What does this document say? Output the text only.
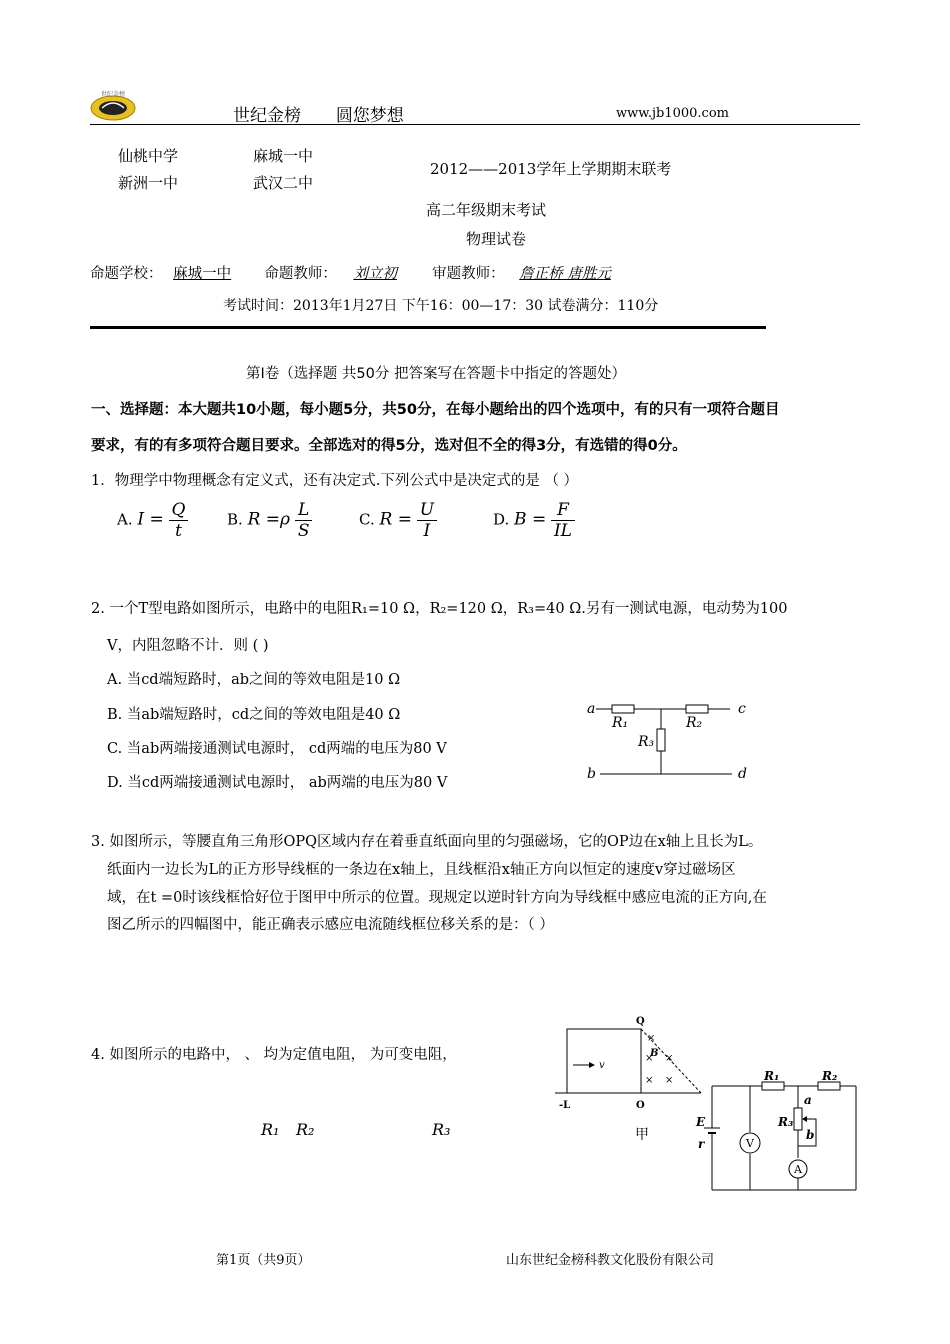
世纪金榜
世纪金榜 圆您梦想	www.jb1000.com
仙桃中学	麻城一中
新洲一中	武汉二中
2012——2013学年上学期期末联考
高二年级期末考试
物理试卷
命题学校： 麻城一中 命题教师： 刘立初 审题教师： 詹正桥 唐胜元
考试时间：2013年1月27日 下午16：00—17：30 试卷满分：110分
第Ⅰ卷（选择题 共50分 把答案写在答题卡中指定的答题处）
一、选择题：本大题共10小题，每小题5分，共50分，在每小题给出的四个选项中，有的只有一项符合题目
要求，有的有多项符合题目要求。全部选对的得5分，选对但不全的得3分，有选错的得0分。
1．物理学中物理概念有定义式，还有决定式.下列公式中是决定式的是 （ ）
A. $I = \frac{Q}{t}$	B. $R =\rho \frac{L}{S}$	C. $R = \frac{U}{I}$	D. $B = \frac{F}{IL}$
2. 一个T型电路如图所示，电路中的电阻R₁=10 Ω，R₂=120 Ω，R₃=40 Ω.另有一测试电源，电动势为100
V，内阻忽略不计．则 ( )
A. 当cd端短路时，ab之间的等效电阻是10 Ω
B. 当ab端短路时，cd之间的等效电阻是40 Ω
C. 当ab两端接通测试电源时， cd两端的电压为80 V
D. 当cd两端接通测试电源时， ab两端的电压为80 V
a	c
b	d
R₁	R₂
R₃
3. 如图所示，等腰直角三角形OPQ区域内存在着垂直纸面向里的匀强磁场，它的OP边在x轴上且长为L。
纸面内一边长为L的正方形导线框的一条边在x轴上，且线框沿x轴正方向以恒定的速度v穿过磁场区
域，在t =0时该线框恰好位于图甲中所示的位置。现规定以逆时针方向为导线框中感应电流的正方向,在
图乙所示的四幅图中，能正确表示感应电流随线框位移关系的是：（ ）
v
×
× ×
× ×
B
Q
O
-L
甲
4. 如图所示的电路中， 、 均为定值电阻， 为可变电阻，
R₁ R₂	R₃
R₁	R₂
R₃
a
b
E
r	V
A
第1页（共9页）	山东世纪金榜科教文化股份有限公司
